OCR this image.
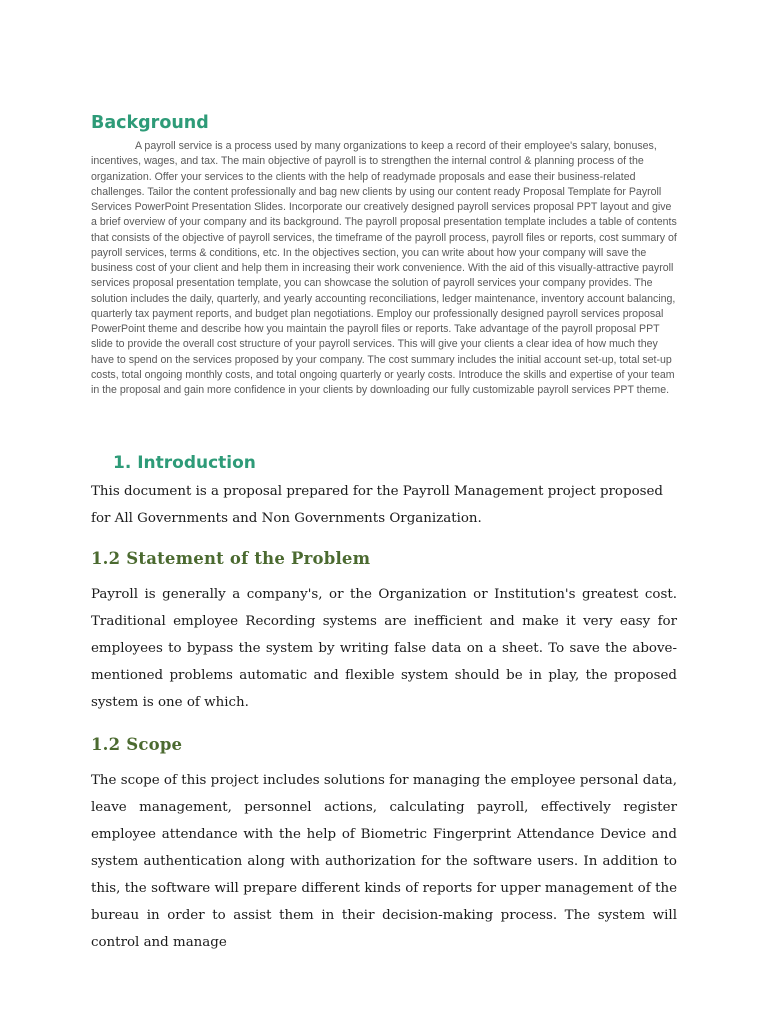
Background

A payroll service is a process used by many organizations to keep a record of their employee's salary, bonuses, incentives, wages, and tax. The main objective of payroll is to strengthen the internal control & planning process of the organization. Offer your services to the clients with the help of readymade proposals and ease their business-related challenges. Tailor the content professionally and bag new clients by using our content ready Proposal Template for Payroll Services PowerPoint Presentation Slides. Incorporate our creatively designed payroll services proposal PPT layout and give a brief overview of your company and its background. The payroll proposal presentation template includes a table of contents that consists of the objective of payroll services, the timeframe of the payroll process, payroll files or reports, cost summary of payroll services, terms & conditions, etc. In the objectives section, you can write about how your company will save the business cost of your client and help them in increasing their work convenience. With the aid of this visually-attractive payroll services proposal presentation template, you can showcase the solution of payroll services your company provides. The solution includes the daily, quarterly, and yearly accounting reconciliations, ledger maintenance, inventory account balancing, quarterly tax payment reports, and budget plan negotiations. Employ our professionally designed payroll services proposal PowerPoint theme and describe how you maintain the payroll files or reports. Take advantage of the payroll proposal PPT slide to provide the overall cost structure of your payroll services. This will give your clients a clear idea of how much they have to spend on the services proposed by your company. The cost summary includes the initial account set-up, total set-up costs, total ongoing monthly costs, and total ongoing quarterly or yearly costs. Introduce the skills and expertise of your team in the proposal and gain more confidence in your clients by downloading our fully customizable payroll services PPT theme.

1. Introduction

This document is a proposal prepared for the Payroll Management project proposed for All Governments and Non Governments Organization.

1.2 Statement of the Problem

Payroll is generally a company's, or the Organization or Institution's greatest cost. Traditional employee Recording systems are inefficient and make it very easy for employees to bypass the system by writing false data on a sheet. To save the above-mentioned problems automatic and flexible system should be in play, the proposed system is one of which.

1.2 Scope

The scope of this project includes solutions for managing the employee personal data, leave management, personnel actions, calculating payroll, effectively register employee attendance with the help of Biometric Fingerprint Attendance Device and system authentication along with authorization for the software users. In addition to this, the software will prepare different kinds of reports for upper management of the bureau in order to assist them in their decision-making process. The system will control and manage
